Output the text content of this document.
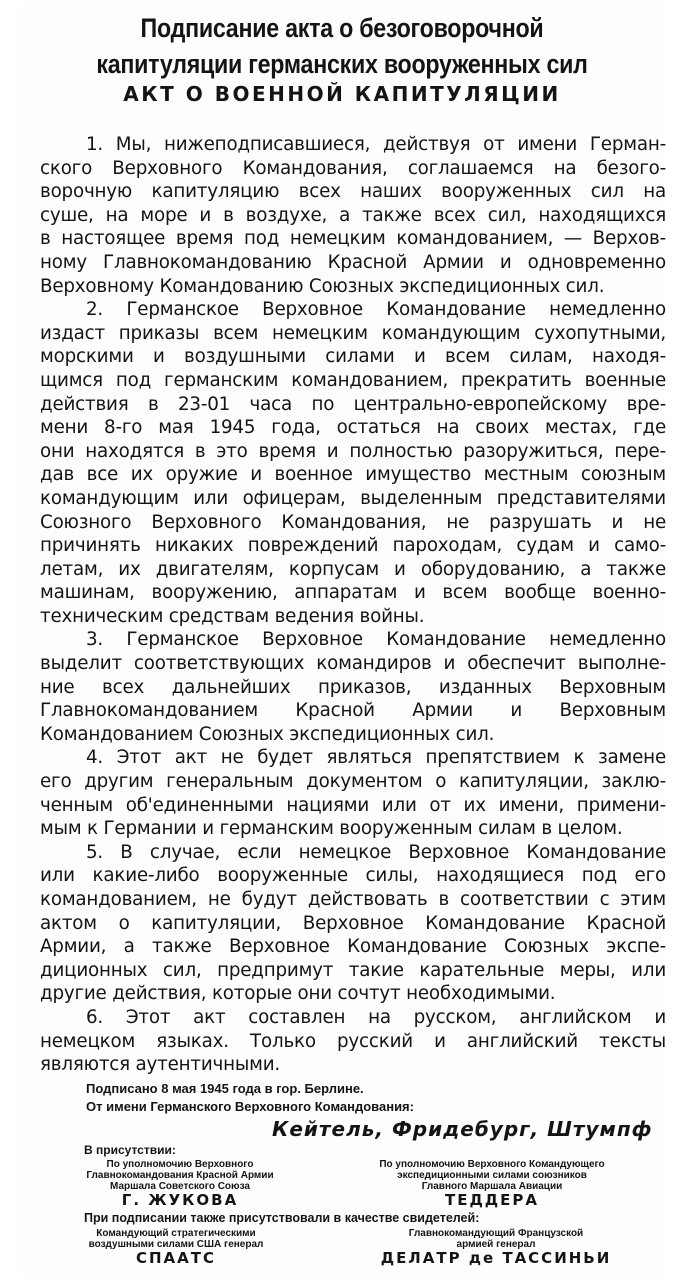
Подписание акта о безоговорочной
капитуляции германских вооруженных сил
АКТ О ВОЕННОЙ КАПИТУЛЯЦИИ
1. Мы, нижеподписавшиеся, действуя от имени Герман-
ского Верховного Командования, соглашаемся на безого-
ворочную капитуляцию всех наших вооруженных сил на
суше, на море и в воздухе, а также всех сил, находящихся
в настоящее время под немецким командованием, — Верхов-
ному Главнокомандованию Красной Армии и одновременно
Верховному Командованию Союзных экспедиционных сил.
2. Германское Верховное Командование немедленно
издаст приказы всем немецким командующим сухопутными,
морскими и воздушными силами и всем силам, находя-
щимся под германским командованием, прекратить военные
действия в 23-01 часа по центрально-европейскому вре-
мени 8-го мая 1945 года, остаться на своих местах, где
они находятся в это время и полностью разоружиться, пере-
дав все их оружие и военное имущество местным союзным
командующим или офицерам, выделенным представителями
Союзного Верховного Командования, не разрушать и не
причинять никаких повреждений пароходам, судам и само-
летам, их двигателям, корпусам и оборудованию, а также
машинам, вооружению, аппаратам и всем вообще военно-
техническим средствам ведения войны.
3. Германское Верховное Командование немедленно
выделит соответствующих командиров и обеспечит выполне-
ние всех дальнейших приказов, изданных Верховным
Главнокомандованием Красной Армии и Верховным
Командованием Союзных экспедиционных сил.
4. Этот акт не будет являться препятствием к замене
его другим генеральным документом о капитуляции, заклю-
ченным об'единенными нациями или от их имени, примени-
мым к Германии и германским вооруженным силам в целом.
5. В случае, если немецкое Верховное Командование
или какие-либо вооруженные силы, находящиеся под его
командованием, не будут действовать в соответствии с этим
актом о капитуляции, Верховное Командование Красной
Армии, а также Верховное Командование Союзных экспе-
диционных сил, предпримут такие карательные меры, или
другие действия, которые они сочтут необходимыми.
6. Этот акт составлен на русском, английском и
немецком языках. Только русский и английский тексты
являются аутентичными.
Подписано 8 мая 1945 года в гор. Берлине.
От имени Германского Верховного Командования:
Кейтель, Фридебург, Штумпф
В присутствии:
По уполномочию Верховного
Главнокомандования Красной Армии
Маршала Советского Союза
Г. ЖУКОВА
По уполномочию Верховного Командующего
экспедиционными силами союзников
Главного Маршала Авиации
ТЕДДЕРА
При подписании также присутствовали в качестве свидетелей:
Командующий стратегическими
воздушными силами США генерал
СПААТС
Главнокомандующий Французской
армией генерал
ДЕЛАТР де ТАССИНЬИ
